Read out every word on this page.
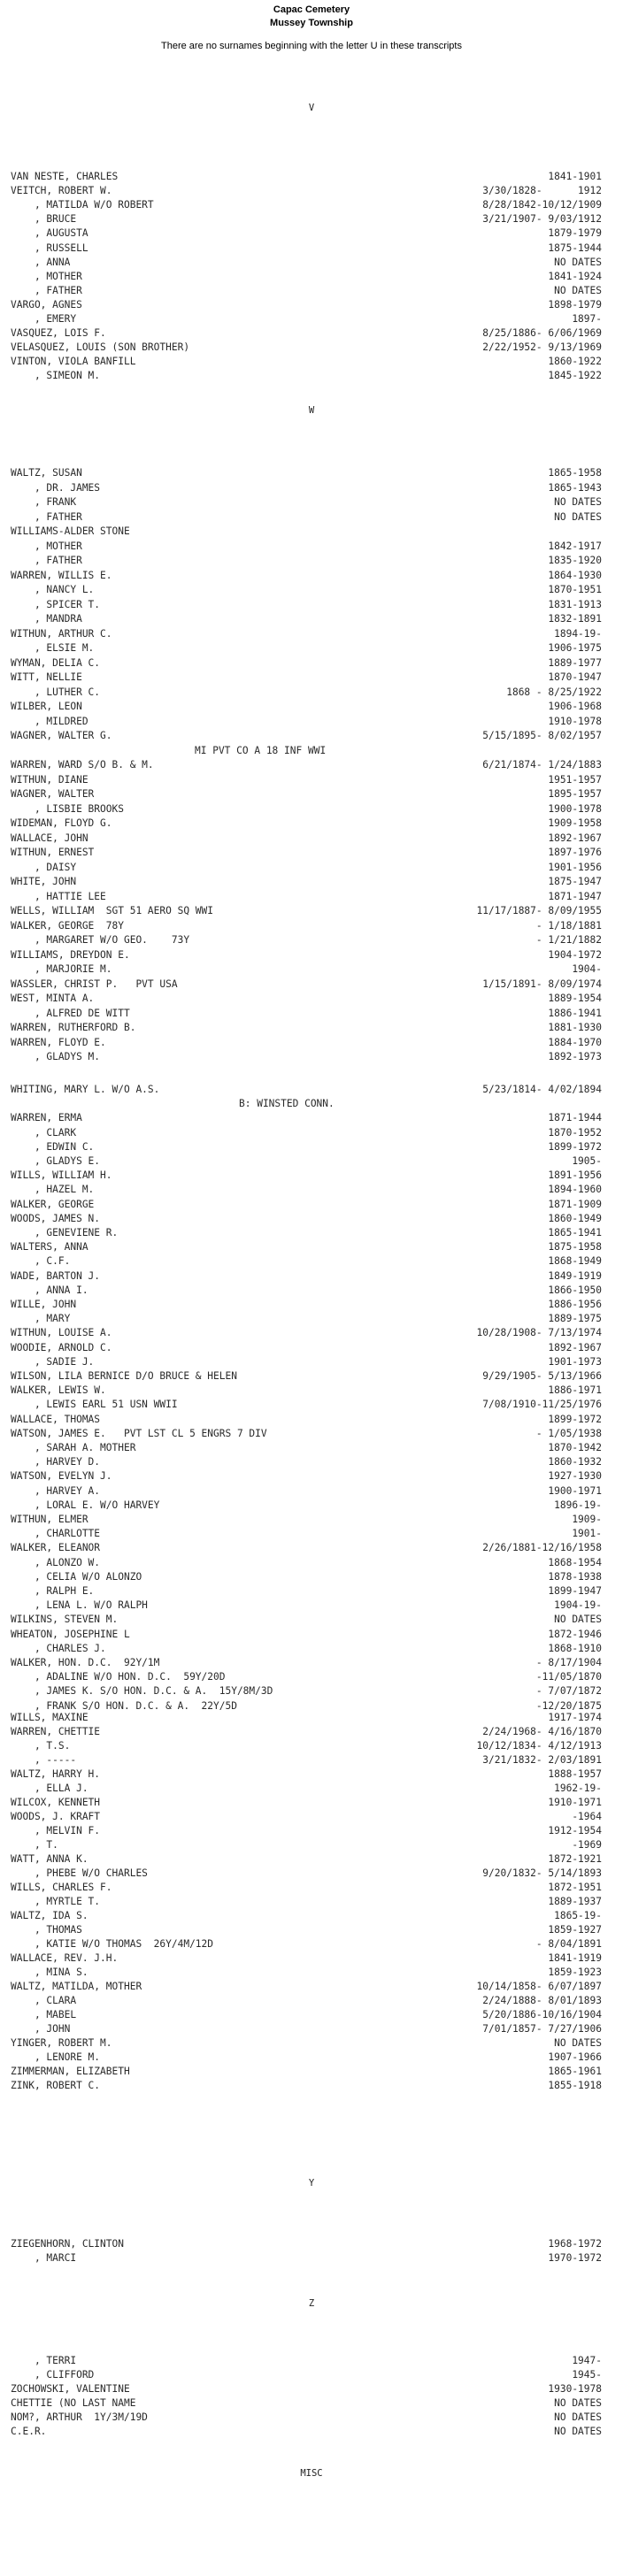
Capac Cemetery
Mussey Township
There are no surnames beginning with the letter U in these transcripts
V
W
Y
Z
MISC
VAN NESTE, CHARLES	1841-1901
VEITCH, ROBERT W.	3/30/1828-      1912
, MATILDA W/O ROBERT	8/28/1842-10/12/1909
, BRUCE	3/21/1907- 9/03/1912
, AUGUSTA	1879-1979
, RUSSELL	1875-1944
, ANNA	NO DATES
, MOTHER	1841-1924
, FATHER	NO DATES
VARGO, AGNES	1898-1979
, EMERY	1897-
VASQUEZ, LOIS F.	8/25/1886- 6/06/1969
VELASQUEZ, LOUIS (SON BROTHER)	2/22/1952- 9/13/1969
VINTON, VIOLA BANFILL	1860-1922
, SIMEON M.	1845-1922
WALTZ, SUSAN	1865-1958
, DR. JAMES	1865-1943
, FRANK	NO DATES
, FATHER	NO DATES
WILLIAMS-ALDER STONE
, MOTHER	1842-1917
, FATHER	1835-1920
WARREN, WILLIS E.	1864-1930
, NANCY L.	1870-1951
, SPICER T.	1831-1913
, MANDRA	1832-1891
WITHUN, ARTHUR C.	1894-19-
, ELSIE M.	1906-1975
WYMAN, DELIA C.	1889-1977
WITT, NELLIE	1870-1947
, LUTHER C.	1868 - 8/25/1922
WILBER, LEON	1906-1968
, MILDRED	1910-1978
WAGNER, WALTER G.	5/15/1895- 8/02/1957
MI PVT CO A 18 INF WWI
WARREN, WARD S/O B. & M.	6/21/1874- 1/24/1883
WITHUN, DIANE	1951-1957
WAGNER, WALTER	1895-1957
, LISBIE BROOKS	1900-1978
WIDEMAN, FLOYD G.	1909-1958
WALLACE, JOHN	1892-1967
WITHUN, ERNEST	1897-1976
, DAISY	1901-1956
WHITE, JOHN	1875-1947
, HATTIE LEE	1871-1947
WELLS, WILLIAM  SGT 51 AERO SQ WWI	11/17/1887- 8/09/1955
WALKER, GEORGE  78Y	- 1/18/1881
, MARGARET W/O GEO.    73Y	- 1/21/1882
WILLIAMS, DREYDON E.	1904-1972
, MARJORIE M.	1904-
WASSLER, CHRIST P.   PVT USA	1/15/1891- 8/09/1974
WEST, MINTA A.	1889-1954
, ALFRED DE WITT	1886-1941
WARREN, RUTHERFORD B.	1881-1930
WARREN, FLOYD E.	1884-1970
, GLADYS M.	1892-1973
WHITING, MARY L. W/O A.S.	5/23/1814- 4/02/1894
B: WINSTED CONN.
WARREN, ERMA	1871-1944
, CLARK	1870-1952
, EDWIN C.	1899-1972
, GLADYS E.	1905-
WILLS, WILLIAM H.	1891-1956
, HAZEL M.	1894-1960
WALKER, GEORGE	1871-1909
WOODS, JAMES N.	1860-1949
, GENEVIENE R.	1865-1941
WALTERS, ANNA	1875-1958
, C.F.	1868-1949
WADE, BARTON J.	1849-1919
, ANNA I.	1866-1950
WILLE, JOHN	1886-1956
, MARY	1889-1975
WITHUN, LOUISE A.	10/28/1908- 7/13/1974
WOODIE, ARNOLD C.	1892-1967
, SADIE J.	1901-1973
WILSON, LILA BERNICE D/O BRUCE & HELEN	9/29/1905- 5/13/1966
WALKER, LEWIS W.	1886-1971
, LEWIS EARL 51 USN WWII	7/08/1910-11/25/1976
WALLACE, THOMAS	1899-1972
WATSON, JAMES E.   PVT LST CL 5 ENGRS 7 DIV	- 1/05/1938
, SARAH A. MOTHER	1870-1942
, HARVEY D.	1860-1932
WATSON, EVELYN J.	1927-1930
, HARVEY A.	1900-1971
, LORAL E. W/O HARVEY	1896-19-
WITHUN, ELMER	1909-
, CHARLOTTE	1901-
WALKER, ELEANOR	2/26/1881-12/16/1958
, ALONZO W.	1868-1954
, CELIA W/O ALONZO	1878-1938
, RALPH E.	1899-1947
, LENA L. W/O RALPH	1904-19-
WILKINS, STEVEN M.	NO DATES
WHEATON, JOSEPHINE L	1872-1946
, CHARLES J.	1868-1910
WALKER, HON. D.C.  92Y/1M	- 8/17/1904
, ADALINE W/O HON. D.C.  59Y/20D	-11/05/1870
, JAMES K. S/O HON. D.C. & A.  15Y/8M/3D	- 7/07/1872
, FRANK S/O HON. D.C. & A.  22Y/5D	-12/20/1875
WILLS, MAXINE	1917-1974
WARREN, CHETTIE	2/24/1968- 4/16/1870
, T.S.	10/12/1834- 4/12/1913
, -----	3/21/1832- 2/03/1891
WALTZ, HARRY H.	1888-1957
, ELLA J.	1962-19-
WILCOX, KENNETH	1910-1971
WOODS, J. KRAFT	-1964
, MELVIN F.	1912-1954
, T.	-1969
WATT, ANNA K.	1872-1921
, PHEBE W/O CHARLES	9/20/1832- 5/14/1893
WILLS, CHARLES F.	1872-1951
, MYRTLE T.	1889-1937
WALTZ, IDA S.	1865-19-
, THOMAS	1859-1927
, KATIE W/O THOMAS  26Y/4M/12D	- 8/04/1891
WALLACE, REV. J.H.	1841-1919
, MINA S.	1859-1923
WALTZ, MATILDA, MOTHER	10/14/1858- 6/07/1897
, CLARA	2/24/1888- 8/01/1893
, MABEL	5/20/1886-10/16/1904
, JOHN	7/01/1857- 7/27/1906
YINGER, ROBERT M.	NO DATES
, LENORE M.	1907-1966
ZIMMERMAN, ELIZABETH	1865-1961
ZINK, ROBERT C.	1855-1918
ZIEGENHORN, CLINTON	1968-1972
, MARCI	1970-1972
, TERRI	1947-
, CLIFFORD	1945-
ZOCHOWSKI, VALENTINE	1930-1978
CHETTIE (NO LAST NAME	NO DATES
NOM?, ARTHUR  1Y/3M/19D	NO DATES
C.E.R.	NO DATES
